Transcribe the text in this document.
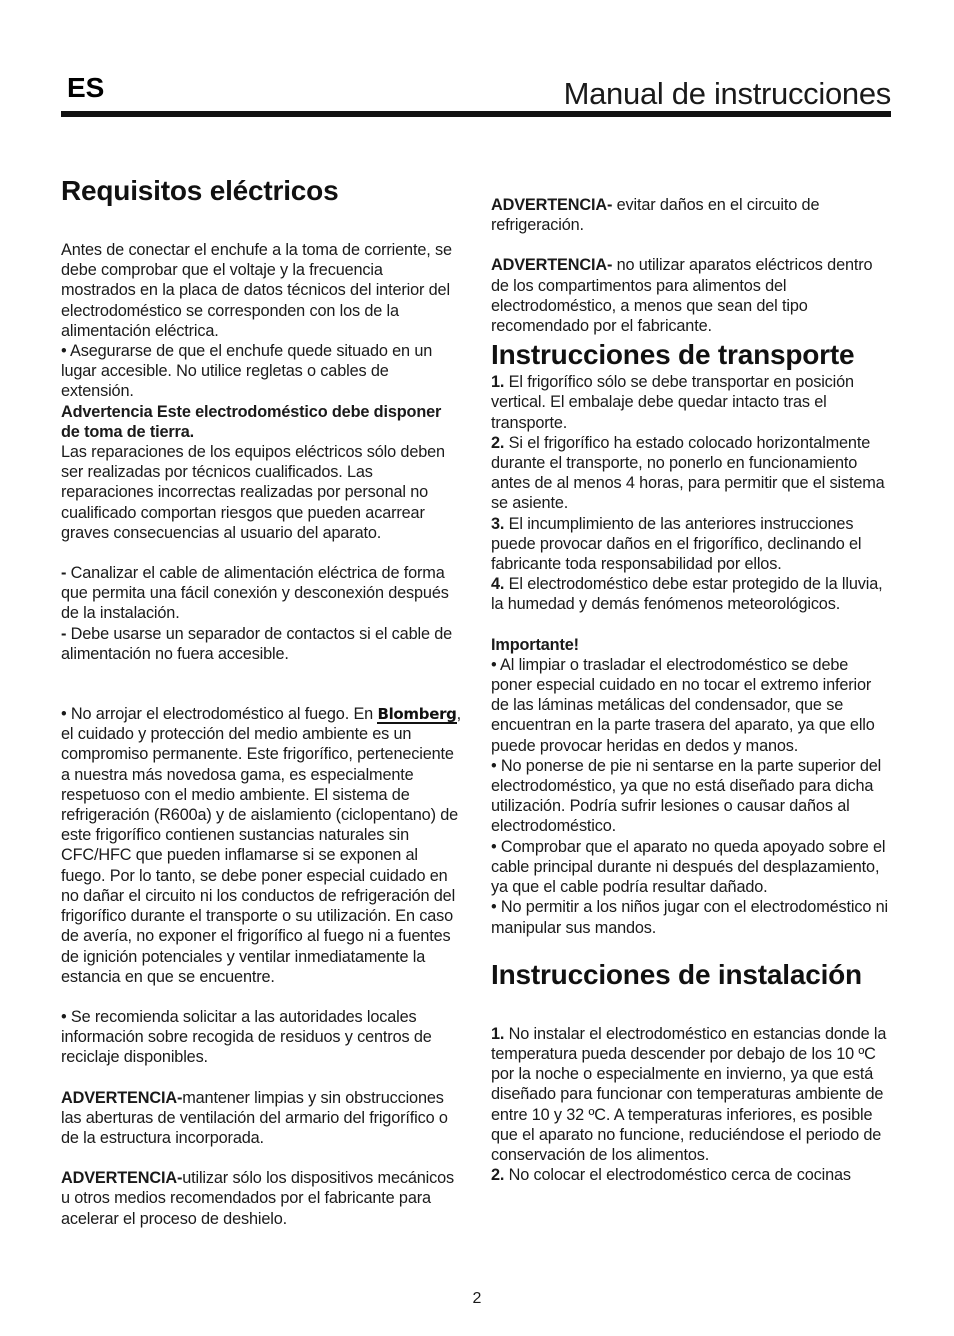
ES	Manual de instrucciones
Requisitos eléctricos

Antes de conectar el enchufe a la toma de corriente, se debe comprobar que el voltaje y la frecuencia mostrados en la placa de datos técnicos del interior del electrodoméstico se corresponden con los de la alimentación eléctrica.

• Asegurarse de que el enchufe quede situado en un lugar accesible. No utilice regletas o cables de extensión.

Advertencia Este electrodoméstico debe disponer de toma de tierra.

Las reparaciones de los equipos eléctricos sólo deben ser realizadas por técnicos cualificados. Las reparaciones incorrectas realizadas por personal no cualificado comportan riesgos que pueden acarrear graves consecuencias al usuario del aparato.

- Canalizar el cable de alimentación eléctrica de forma que permita una fácil conexión y desconexión después de la instalación.

- Debe usarse un separador de contactos si el cable de alimentación no fuera accesible.

• No arrojar el electrodoméstico al fuego. En Blomberg, el cuidado y protección del medio ambiente es un compromiso permanente. Este frigorífico, perteneciente a nuestra más novedosa gama, es especialmente respetuoso con el medio ambiente. El sistema de refrigeración (R600a) y de aislamiento (ciclopentano) de este frigorífico contienen sustancias naturales sin CFC/HFC que pueden inflamarse si se exponen al fuego. Por lo tanto, se debe poner especial cuidado en no dañar el circuito ni los conductos de refrigeración del frigorífico durante el transporte o su utilización. En caso de avería, no exponer el frigorífico al fuego ni a fuentes de ignición potenciales y ventilar inmediatamente la estancia en que se encuentre.

• Se recomienda solicitar a las autoridades locales información sobre recogida de residuos y centros de reciclaje disponibles.

ADVERTENCIA-mantener limpias y sin obstrucciones las aberturas de ventilación del armario del frigorífico o de la estructura incorporada.

ADVERTENCIA-utilizar sólo los dispositivos mecánicos u otros medios recomendados por el fabricante para acelerar el proceso de deshielo.

ADVERTENCIA- evitar daños en el circuito de refrigeración.

ADVERTENCIA- no utilizar aparatos eléctricos dentro de los compartimentos para alimentos del electrodoméstico, a menos que sean del tipo recomendado por el fabricante.

Instrucciones de transporte

1. El frigorífico sólo se debe transportar en posición vertical. El embalaje debe quedar intacto tras el transporte.

2. Si el frigorífico ha estado colocado horizontalmente durante el transporte, no ponerlo en funcionamiento antes de al menos 4 horas, para permitir que el sistema se asiente.

3. El incumplimiento de las anteriores instrucciones puede provocar daños en el frigorífico, declinando el fabricante toda responsabilidad por ellos.

4. El electrodoméstico debe estar protegido de la lluvia, la humedad y demás fenómenos meteorológicos.

Importante!

• Al limpiar o trasladar el electrodoméstico se debe poner especial cuidado en no tocar el extremo inferior de las láminas metálicas del condensador, que se encuentran en la parte trasera del aparato, ya que ello puede provocar heridas en dedos y manos.

• No ponerse de pie ni sentarse en la parte superior del electrodoméstico, ya que no está diseñado para dicha utilización. Podría sufrir lesiones o causar daños al electrodoméstico.

• Comprobar que el aparato no queda apoyado sobre el cable principal durante ni después del desplazamiento, ya que el cable podría resultar dañado.

• No permitir a los niños jugar con el electrodoméstico ni manipular sus mandos.

Instrucciones de instalación

1. No instalar el electrodoméstico en estancias donde la temperatura pueda descender por debajo de los 10 ºC por la noche o especialmente en invierno, ya que está diseñado para funcionar con temperaturas ambiente de entre 10 y 32 ºC. A temperaturas inferiores, es posible que el aparato no funcione, reduciéndose el periodo de conservación de los alimentos.

2. No colocar el electrodoméstico cerca de cocinas

2
